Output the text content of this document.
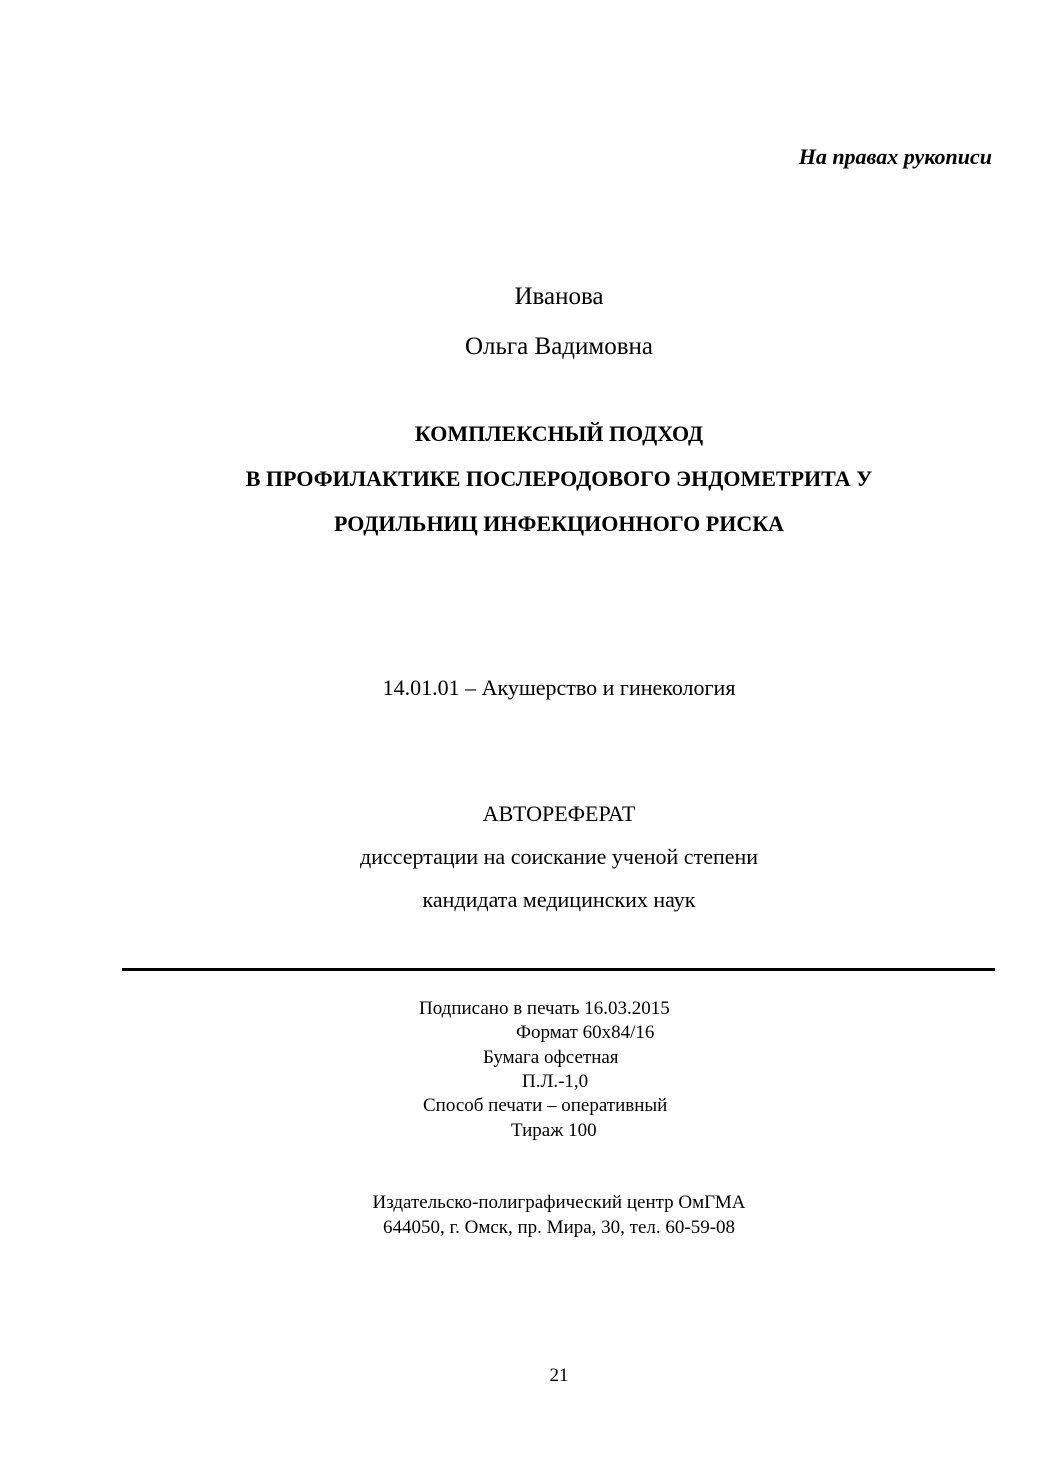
На правах рукописи
Иванова
Ольга Вадимовна
КОМПЛЕКСНЫЙ ПОДХОД
В ПРОФИЛАКТИКЕ ПОСЛЕРОДОВОГО ЭНДОМЕТРИТА У
РОДИЛЬНИЦ ИНФЕКЦИОННОГО РИСКА
14.01.01 – Акушерство и гинекология
АВТОРЕФЕРАТ
диссертации на соискание ученой степени
кандидата медицинских наук
Подписано в печать 16.03.2015
Формат 60х84/16
Бумага офсетная
П.Л.-1,0
Способ печати – оперативный
Тираж 100
Издательско-полиграфический центр ОмГМА
644050, г. Омск, пр. Мира, 30, тел. 60-59-08
21
